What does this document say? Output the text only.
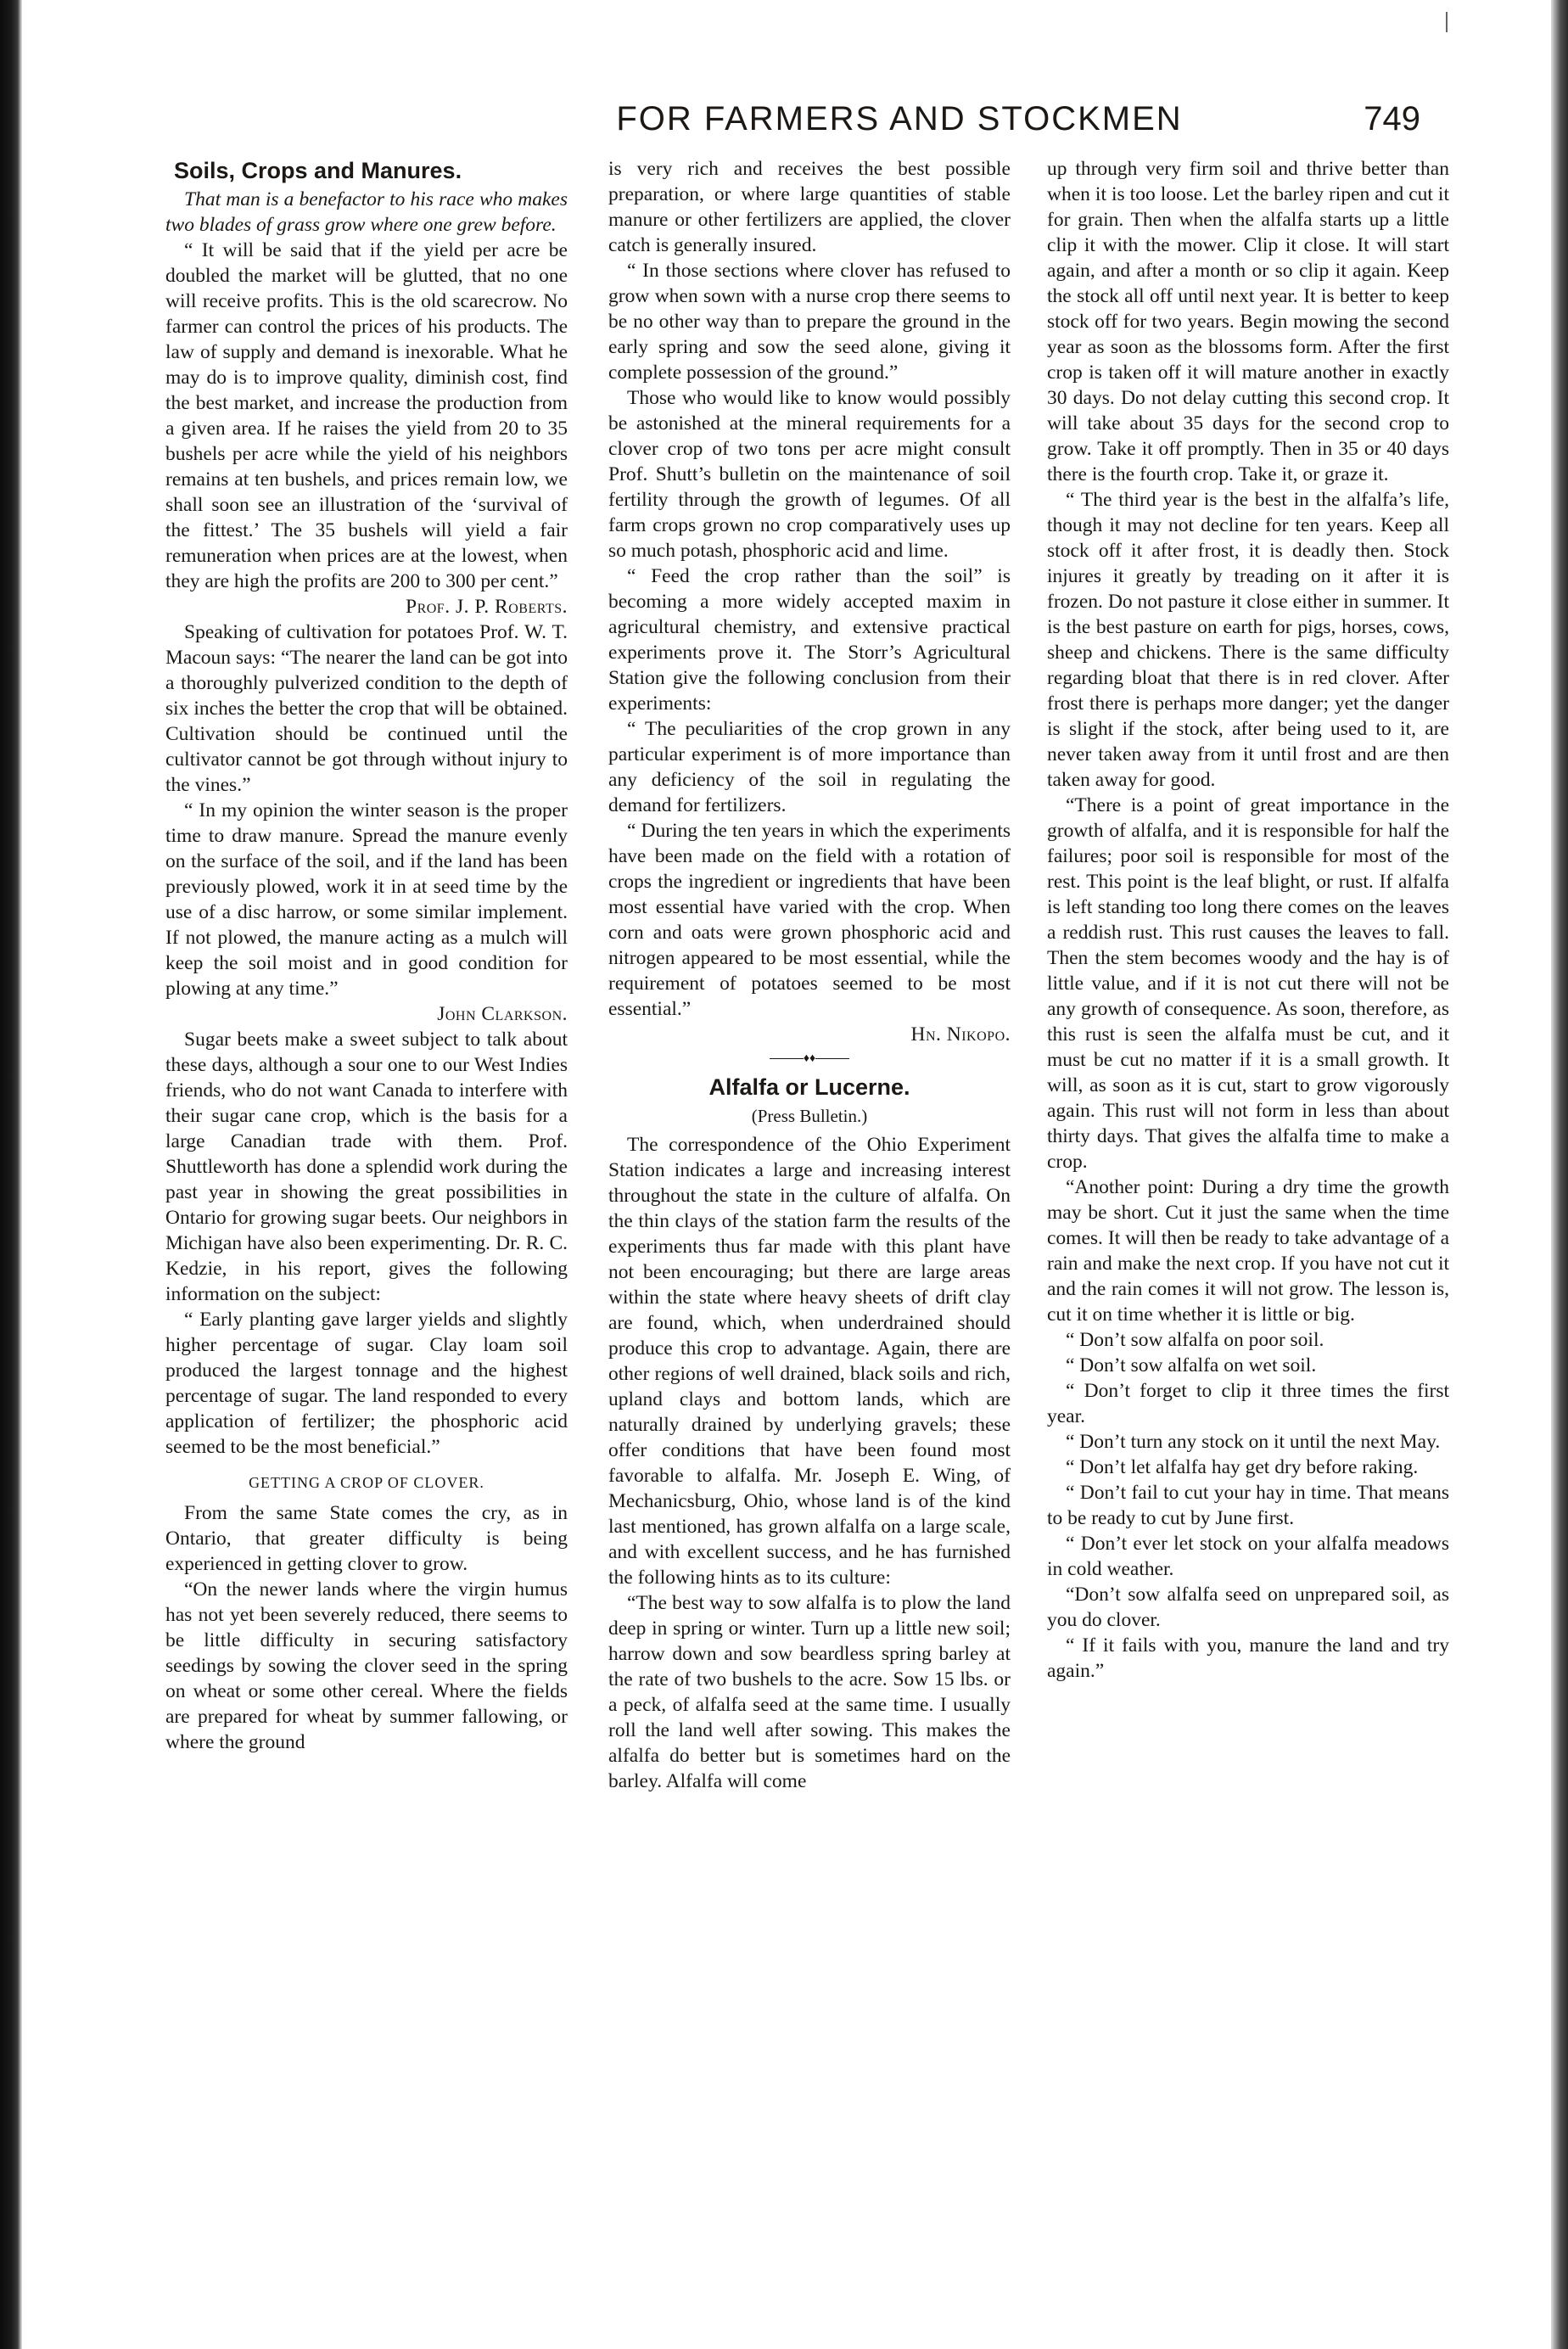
FOR FARMERS AND STOCKMEN	749
Soils, Crops and Manures.

That man is a benefactor to his race who makes two blades of grass grow where one grew before.

“ It will be said that if the yield per acre be doubled the market will be glutted, that no one will receive profits. This is the old scarecrow. No farmer can control the prices of his products. The law of supply and demand is inexorable. What he may do is to improve quality, diminish cost, find the best market, and increase the production from a given area. If he raises the yield from 20 to 35 bushels per acre while the yield of his neighbors remains at ten bushels, and prices remain low, we shall soon see an illustration of the ‘survival of the fittest.’ The 35 bushels will yield a fair remuneration when prices are at the lowest, when they are high the profits are 200 to 300 per cent.”

Prof. J. P. Roberts.

Speaking of cultivation for potatoes Prof. W. T. Macoun says: “The nearer the land can be got into a thoroughly pulverized condition to the depth of six inches the better the crop that will be obtained. Cultivation should be continued until the cultivator cannot be got through without injury to the vines.”

“ In my opinion the winter season is the proper time to draw manure. Spread the manure evenly on the surface of the soil, and if the land has been previously plowed, work it in at seed time by the use of a disc harrow, or some similar implement. If not plowed, the manure acting as a mulch will keep the soil moist and in good condition for plowing at any time.”

John Clarkson.

Sugar beets make a sweet subject to talk about these days, although a sour one to our West Indies friends, who do not want Canada to interfere with their sugar cane crop, which is the basis for a large Canadian trade with them. Prof. Shuttleworth has done a splendid work during the past year in showing the great possibilities in Ontario for growing sugar beets. Our neighbors in Michigan have also been experimenting. Dr. R. C. Kedzie, in his report, gives the following information on the subject:

“ Early planting gave larger yields and slightly higher percentage of sugar. Clay loam soil produced the largest tonnage and the highest percentage of sugar. The land responded to every application of fertilizer; the phosphoric acid seemed to be the most beneficial.”

GETTING A CROP OF CLOVER.

From the same State comes the cry, as in Ontario, that greater difficulty is being experienced in getting clover to grow.

“On the newer lands where the virgin humus has not yet been severely reduced, there seems to be little difficulty in securing satisfactory seedings by sowing the clover seed in the spring on wheat or some other cereal. Where the fields are prepared for wheat by summer fallowing, or where the ground

is very rich and receives the best possible preparation, or where large quantities of stable manure or other fertilizers are applied, the clover catch is generally insured.

“ In those sections where clover has refused to grow when sown with a nurse crop there seems to be no other way than to prepare the ground in the early spring and sow the seed alone, giving it complete possession of the ground.”

Those who would like to know would possibly be astonished at the mineral requirements for a clover crop of two tons per acre might consult Prof. Shutt’s bulletin on the maintenance of soil fertility through the growth of legumes. Of all farm crops grown no crop comparatively uses up so much potash, phosphoric acid and lime.

“ Feed the crop rather than the soil” is becoming a more widely accepted maxim in agricultural chemistry, and extensive practical experiments prove it. The Storr’s Agricultural Station give the following conclusion from their experiments:

“ The peculiarities of the crop grown in any particular experiment is of more importance than any deficiency of the soil in regulating the demand for fertilizers.

“ During the ten years in which the experiments have been made on the field with a rotation of crops the ingredient or ingredients that have been most essential have varied with the crop. When corn and oats were grown phosphoric acid and nitrogen appeared to be most essential, while the requirement of potatoes seemed to be most essential.”

Hn. Nikopo.

♦♦
Alfalfa or Lucerne.
(Press Bulletin.)

The correspondence of the Ohio Experiment Station indicates a large and increasing interest throughout the state in the culture of alfalfa. On the thin clays of the station farm the results of the experiments thus far made with this plant have not been encouraging; but there are large areas within the state where heavy sheets of drift clay are found, which, when underdrained should produce this crop to advantage. Again, there are other regions of well drained, black soils and rich, upland clays and bottom lands, which are naturally drained by underlying gravels; these offer conditions that have been found most favorable to alfalfa. Mr. Joseph E. Wing, of Mechanicsburg, Ohio, whose land is of the kind last mentioned, has grown alfalfa on a large scale, and with excellent success, and he has furnished the following hints as to its culture:

“The best way to sow alfalfa is to plow the land deep in spring or winter. Turn up a little new soil; harrow down and sow beardless spring barley at the rate of two bushels to the acre. Sow 15 lbs. or a peck, of alfalfa seed at the same time. I usually roll the land well after sowing. This makes the alfalfa do better but is sometimes hard on the barley. Alfalfa will come

up through very firm soil and thrive better than when it is too loose. Let the barley ripen and cut it for grain. Then when the alfalfa starts up a little clip it with the mower. Clip it close. It will start again, and after a month or so clip it again. Keep the stock all off until next year. It is better to keep stock off for two years. Begin mowing the second year as soon as the blossoms form. After the first crop is taken off it will mature another in exactly 30 days. Do not delay cutting this second crop. It will take about 35 days for the second crop to grow. Take it off promptly. Then in 35 or 40 days there is the fourth crop. Take it, or graze it.

“ The third year is the best in the alfalfa’s life, though it may not decline for ten years. Keep all stock off it after frost, it is deadly then. Stock injures it greatly by treading on it after it is frozen. Do not pasture it close either in summer. It is the best pasture on earth for pigs, horses, cows, sheep and chickens. There is the same difficulty regarding bloat that there is in red clover. After frost there is perhaps more danger; yet the danger is slight if the stock, after being used to it, are never taken away from it until frost and are then taken away for good.

“There is a point of great importance in the growth of alfalfa, and it is responsible for half the failures; poor soil is responsible for most of the rest. This point is the leaf blight, or rust. If alfalfa is left standing too long there comes on the leaves a reddish rust. This rust causes the leaves to fall. Then the stem becomes woody and the hay is of little value, and if it is not cut there will not be any growth of consequence. As soon, therefore, as this rust is seen the alfalfa must be cut, and it must be cut no matter if it is a small growth. It will, as soon as it is cut, start to grow vigorously again. This rust will not form in less than about thirty days. That gives the alfalfa time to make a crop.

“Another point: During a dry time the growth may be short. Cut it just the same when the time comes. It will then be ready to take advantage of a rain and make the next crop. If you have not cut it and the rain comes it will not grow. The lesson is, cut it on time whether it is little or big.

“ Don’t sow alfalfa on poor soil.

“ Don’t sow alfalfa on wet soil.

“ Don’t forget to clip it three times the first year.

“ Don’t turn any stock on it until the next May.

“ Don’t let alfalfa hay get dry before raking.

“ Don’t fail to cut your hay in time. That means to be ready to cut by June first.

“ Don’t ever let stock on your alfalfa meadows in cold weather.

“Don’t sow alfalfa seed on unprepared soil, as you do clover.

“ If it fails with you, manure the land and try again.”
